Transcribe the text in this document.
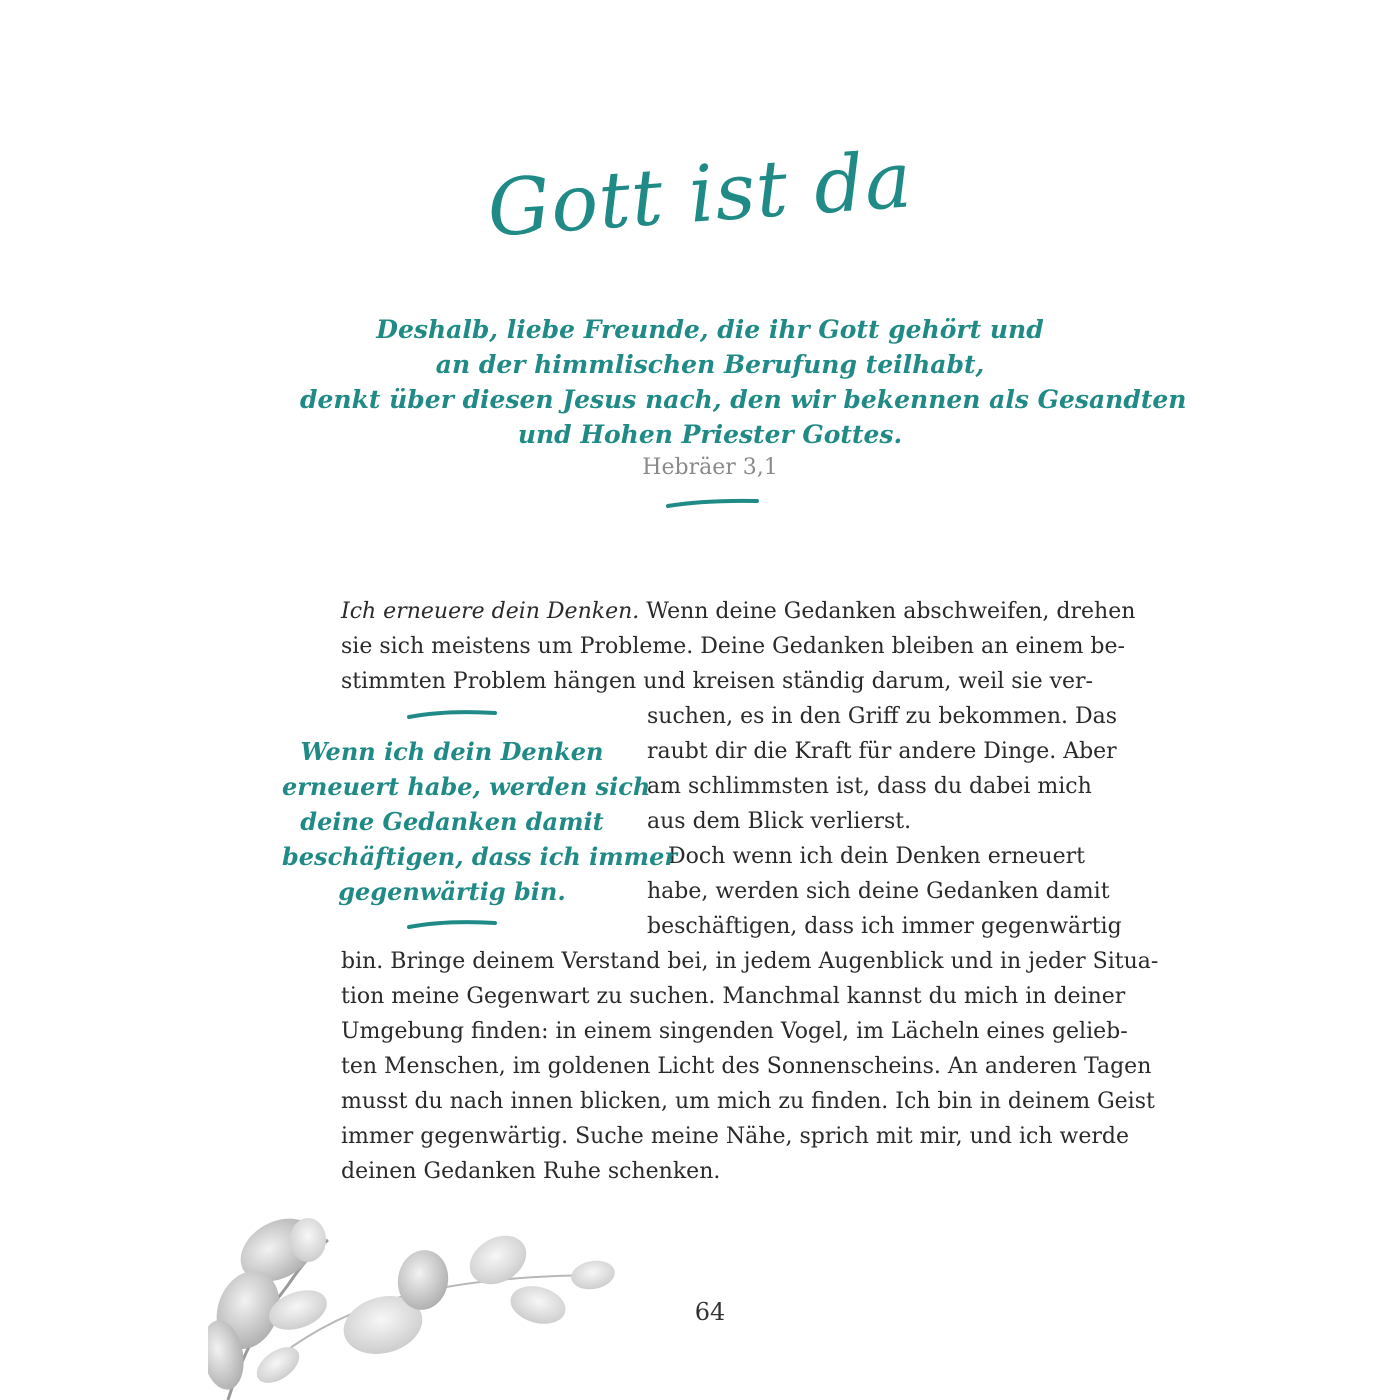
Gott ist da
Deshalb, liebe Freunde, die ihr Gott gehört und
an der himmlischen Berufung teilhabt,
denkt über diesen Jesus nach, den wir bekennen als Gesandten
und Hohen Priester Gottes.
Hebräer 3,1
Ich erneuere dein Denken. Wenn deine Gedanken abschweifen, drehen
sie sich meistens um Probleme. Deine Gedanken bleiben an einem be-
stimmten Problem hängen und kreisen ständig darum, weil sie ver-
suchen, es in den Griff zu bekommen. Das
raubt dir die Kraft für andere Dinge. Aber
am schlimmsten ist, dass du dabei mich
aus dem Blick verlierst.
Doch wenn ich dein Denken erneuert
habe, werden sich deine Gedanken damit
beschäftigen, dass ich immer gegenwärtig
bin. Bringe deinem Verstand bei, in jedem Augenblick und in jeder Situa-
tion meine Gegenwart zu suchen. Manchmal kannst du mich in deiner
Umgebung finden: in einem singenden Vogel, im Lächeln eines gelieb-
ten Menschen, im goldenen Licht des Sonnenscheins. An anderen Tagen
musst du nach innen blicken, um mich zu finden. Ich bin in deinem Geist
immer gegenwärtig. Suche meine Nähe, sprich mit mir, und ich werde
deinen Gedanken Ruhe schenken.
Wenn ich dein Denken
erneuert habe, werden sich
deine Gedanken damit
beschäftigen, dass ich immer
gegenwärtig bin.
64
